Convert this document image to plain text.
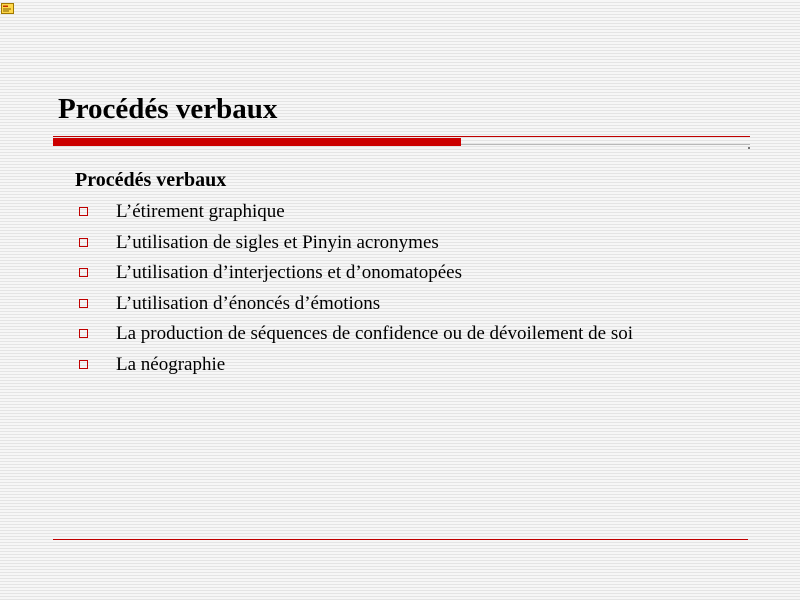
Procédés verbaux
Procédés verbaux
L’étirement graphique
L’utilisation de sigles et Pinyin acronymes
L’utilisation d’interjections et d’onomatopées
L’utilisation d’énoncés d’émotions
La production de séquences de confidence ou de dévoilement de soi
La néographie
